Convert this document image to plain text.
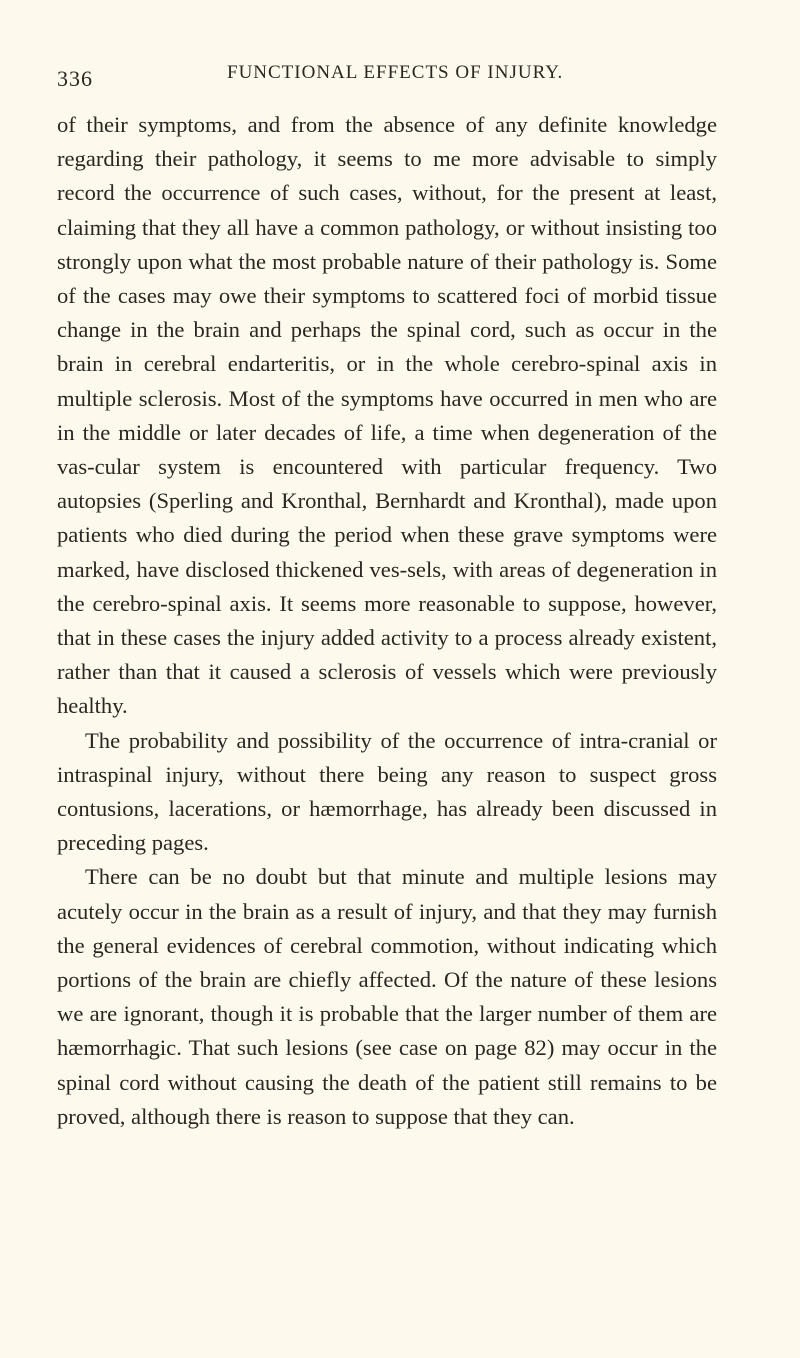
336	FUNCTIONAL EFFECTS OF INJURY.

of their symptoms, and from the absence of any definite knowledge regarding their pathology, it seems to me more advisable to simply record the occurrence of such cases, without, for the present at least, claiming that they all have a common pathology, or without insisting too strongly upon what the most probable nature of their pathology is. Some of the cases may owe their symptoms to scattered foci of morbid tissue change in the brain and perhaps the spinal cord, such as occur in the brain in cerebral endarteritis, or in the whole cerebro-spinal axis in multiple sclerosis. Most of the symptoms have occurred in men who are in the middle or later decades of life, a time when degeneration of the vas-cular system is encountered with particular frequency. Two autopsies (Sperling and Kronthal, Bernhardt and Kronthal), made upon patients who died during the period when these grave symptoms were marked, have disclosed thickened ves-sels, with areas of degeneration in the cerebro-spinal axis. It seems more reasonable to suppose, however, that in these cases the injury added activity to a process already existent, rather than that it caused a sclerosis of vessels which were previously healthy.

The probability and possibility of the occurrence of intra-cranial or intraspinal injury, without there being any reason to suspect gross contusions, lacerations, or hæmorrhage, has already been discussed in preceding pages.

There can be no doubt but that minute and multiple lesions may acutely occur in the brain as a result of injury, and that they may furnish the general evidences of cerebral commotion, without indicating which portions of the brain are chiefly affected. Of the nature of these lesions we are ignorant, though it is probable that the larger number of them are hæmorrhagic. That such lesions (see case on page 82) may occur in the spinal cord without causing the death of the patient still remains to be proved, although there is reason to suppose that they can.
